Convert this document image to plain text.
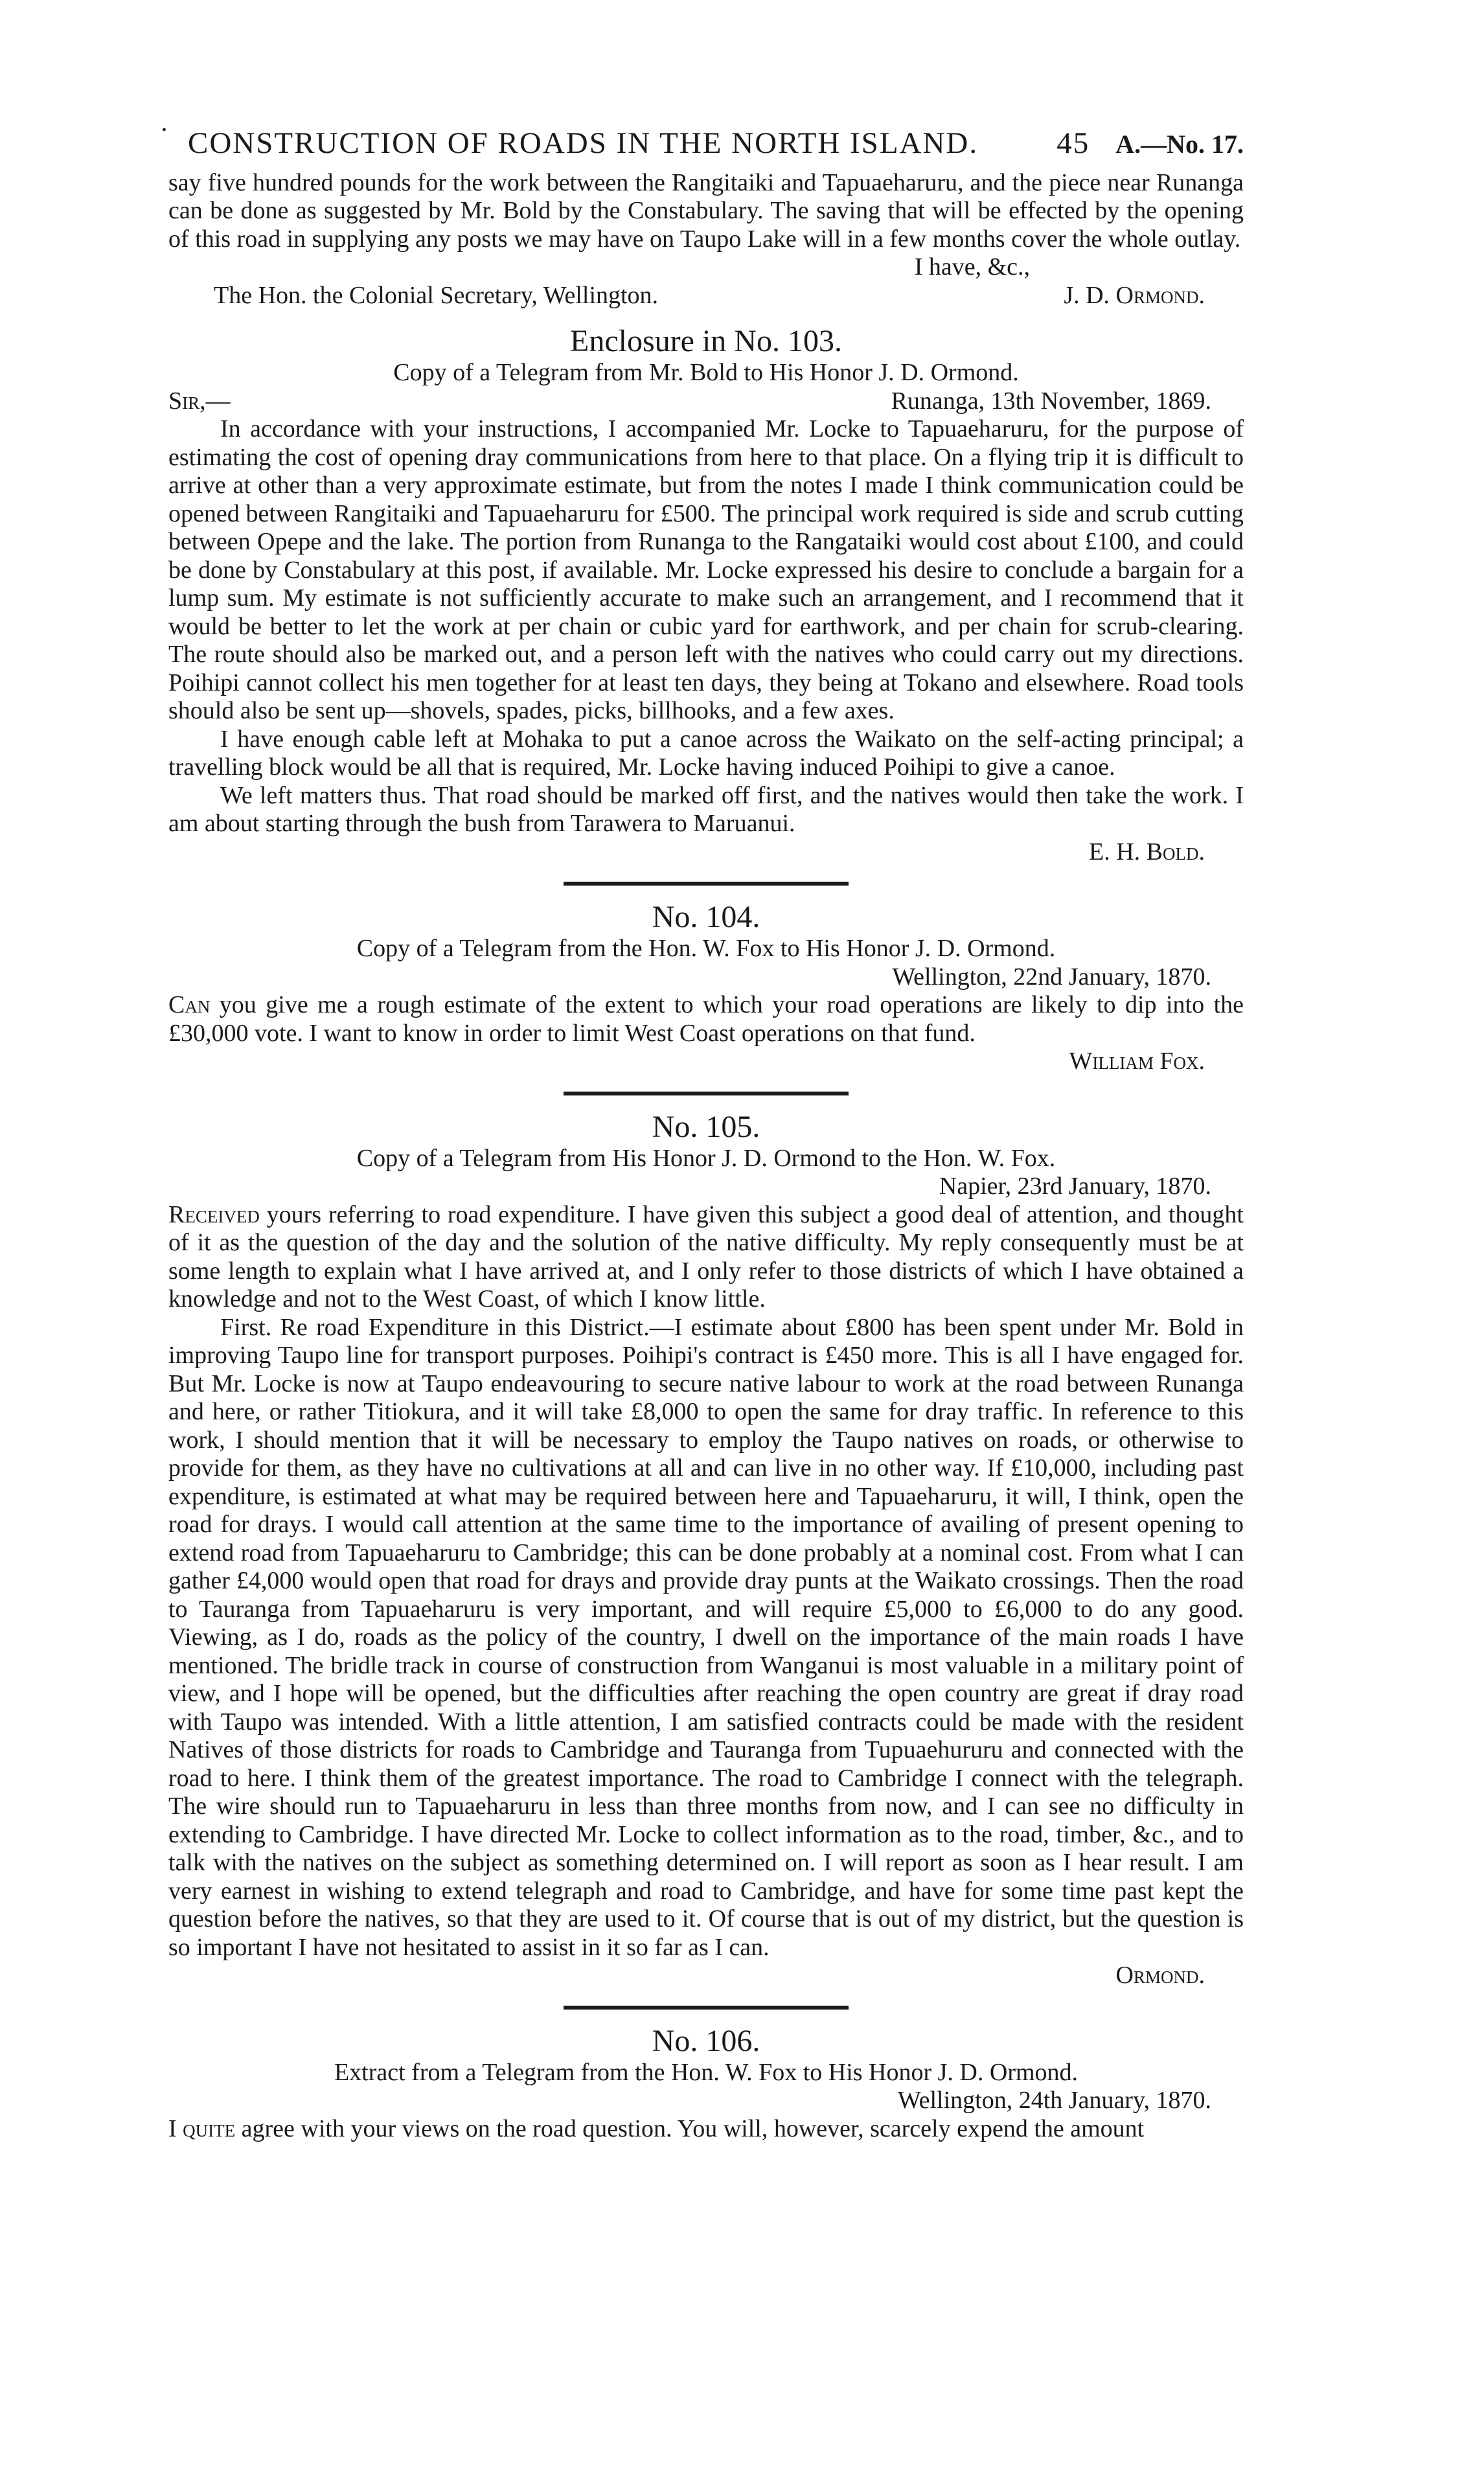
• CONSTRUCTION OF ROADS IN THE NORTH ISLAND.	45 A.—No. 17.

say five hundred pounds for the work between the Rangitaiki and Tapuaeharuru, and the piece near Runanga can be done as suggested by Mr. Bold by the Constabulary. The saving that will be effected by the opening of this road in supplying any posts we may have on Taupo Lake will in a few months cover the whole outlay.

I have, &c.,

The Hon. the Colonial Secretary, Wellington.	J. D. Ormond.
Enclosure in No. 103.
Copy of a Telegram from Mr. Bold to His Honor J. D. Ormond.
Sir,—	Runanga, 13th November, 1869.

In accordance with your instructions, I accompanied Mr. Locke to Tapuaeharuru, for the purpose of estimating the cost of opening dray communications from here to that place. On a flying trip it is difficult to arrive at other than a very approximate estimate, but from the notes I made I think communication could be opened between Rangitaiki and Tapuaeharuru for £500. The principal work required is side and scrub cutting between Opepe and the lake. The portion from Runanga to the Rangataiki would cost about £100, and could be done by Constabulary at this post, if available. Mr. Locke expressed his desire to conclude a bargain for a lump sum. My estimate is not sufficiently accurate to make such an arrangement, and I recommend that it would be better to let the work at per chain or cubic yard for earthwork, and per chain for scrub-clearing. The route should also be marked out, and a person left with the natives who could carry out my directions. Poihipi cannot collect his men together for at least ten days, they being at Tokano and elsewhere. Road tools should also be sent up—shovels, spades, picks, billhooks, and a few axes.

I have enough cable left at Mohaka to put a canoe across the Waikato on the self-acting principal; a travelling block would be all that is required, Mr. Locke having induced Poihipi to give a canoe.

We left matters thus. That road should be marked off first, and the natives would then take the work. I am about starting through the bush from Tarawera to Maruanui.

E. H. Bold.

No. 104.
Copy of a Telegram from the Hon. W. Fox to His Honor J. D. Ormond.
Wellington, 22nd January, 1870.

Can you give me a rough estimate of the extent to which your road operations are likely to dip into the £30,000 vote. I want to know in order to limit West Coast operations on that fund.

William Fox.

No. 105.
Copy of a Telegram from His Honor J. D. Ormond to the Hon. W. Fox.
Napier, 23rd January, 1870.

Received yours referring to road expenditure. I have given this subject a good deal of attention, and thought of it as the question of the day and the solution of the native difficulty. My reply consequently must be at some length to explain what I have arrived at, and I only refer to those districts of which I have obtained a knowledge and not to the West Coast, of which I know little.

First. Re road Expenditure in this District.—I estimate about £800 has been spent under Mr. Bold in improving Taupo line for transport purposes. Poihipi's contract is £450 more. This is all I have engaged for. But Mr. Locke is now at Taupo endeavouring to secure native labour to work at the road between Runanga and here, or rather Titiokura, and it will take £8,000 to open the same for dray traffic. In reference to this work, I should mention that it will be necessary to employ the Taupo natives on roads, or otherwise to provide for them, as they have no cultivations at all and can live in no other way. If £10,000, including past expenditure, is estimated at what may be required between here and Tapuaeharuru, it will, I think, open the road for drays. I would call attention at the same time to the importance of availing of present opening to extend road from Tapuaeharuru to Cambridge; this can be done probably at a nominal cost. From what I can gather £4,000 would open that road for drays and provide dray punts at the Waikato crossings. Then the road to Tauranga from Tapuaeharuru is very important, and will require £5,000 to £6,000 to do any good. Viewing, as I do, roads as the policy of the country, I dwell on the importance of the main roads I have mentioned. The bridle track in course of construction from Wanganui is most valuable in a military point of view, and I hope will be opened, but the difficulties after reaching the open country are great if dray road with Taupo was intended. With a little attention, I am satisfied contracts could be made with the resident Natives of those districts for roads to Cambridge and Tauranga from Tupuaehururu and connected with the road to here. I think them of the greatest importance. The road to Cambridge I connect with the telegraph. The wire should run to Tapuaeharuru in less than three months from now, and I can see no difficulty in extending to Cambridge. I have directed Mr. Locke to collect information as to the road, timber, &c., and to talk with the natives on the subject as something determined on. I will report as soon as I hear result. I am very earnest in wishing to extend telegraph and road to Cambridge, and have for some time past kept the question before the natives, so that they are used to it. Of course that is out of my district, but the question is so important I have not hesitated to assist in it so far as I can.

Ormond.

No. 106.
Extract from a Telegram from the Hon. W. Fox to His Honor J. D. Ormond.
Wellington, 24th January, 1870.

I quite agree with your views on the road question. You will, however, scarcely expend the amount
